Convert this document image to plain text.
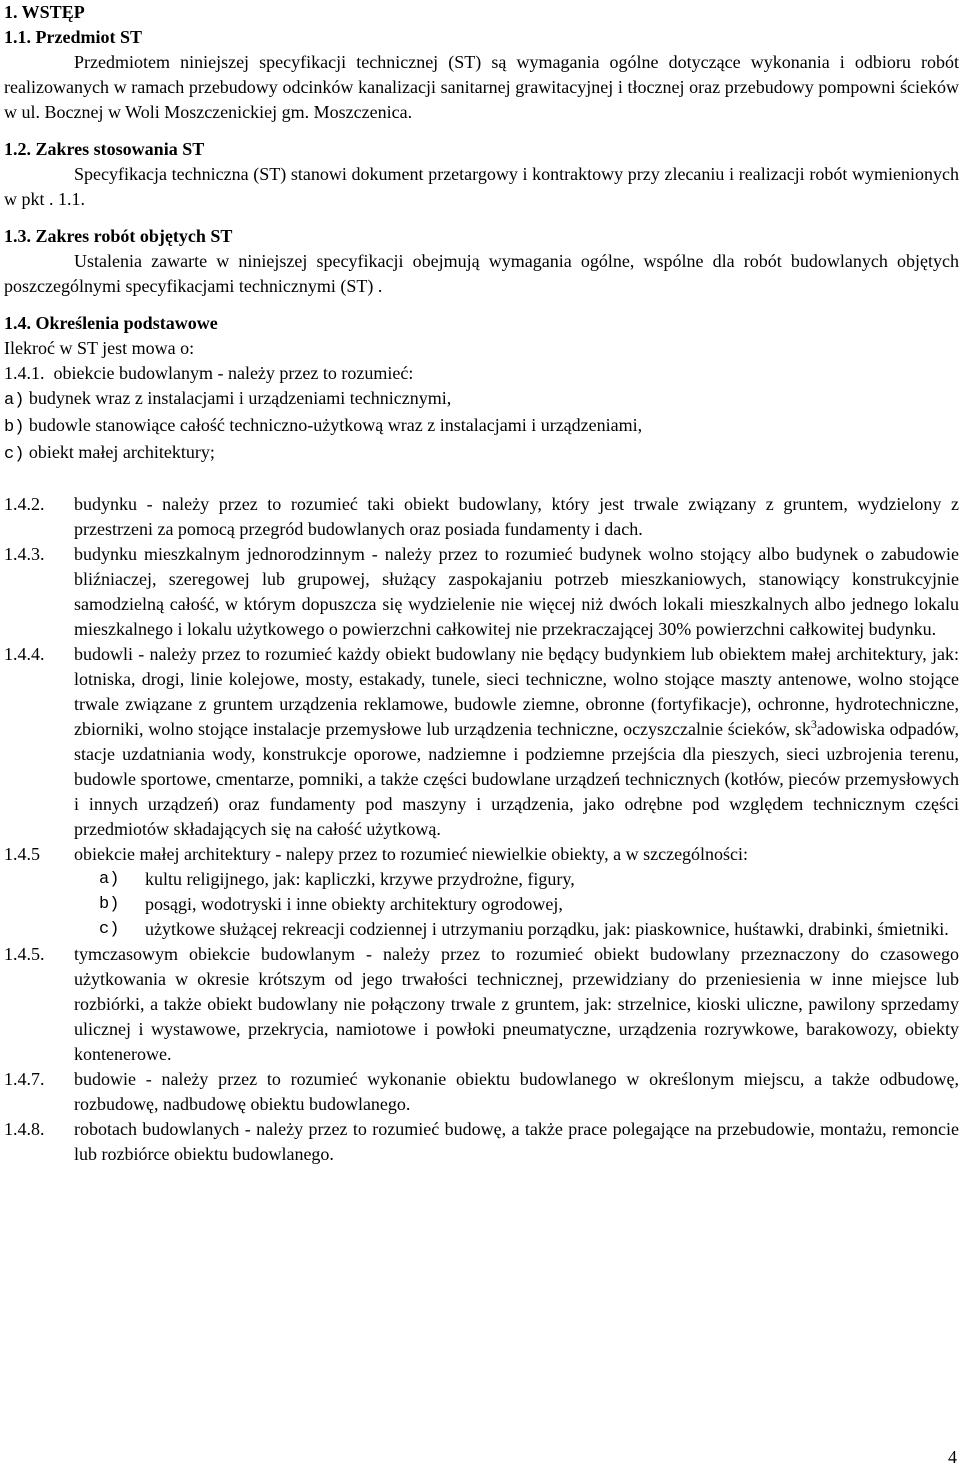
1. WSTĘP

1.1. Przedmiot ST

Przedmiotem niniejszej specyfikacji technicznej (ST) są wymagania ogólne dotyczące wykonania i odbioru robót realizowanych w ramach przebudowy odcinków kanalizacji sanitarnej grawitacyjnej i tłocznej oraz przebudowy pompowni ścieków w ul. Bocznej w Woli Moszczenickiej gm. Moszczenica.

1.2. Zakres stosowania ST

Specyfikacja techniczna (ST) stanowi dokument przetargowy i kontraktowy przy zlecaniu i realizacji robót wymienionych w pkt . 1.1.

1.3. Zakres robót objętych ST

Ustalenia zawarte w niniejszej specyfikacji obejmują wymagania ogólne, wspólne dla robót budowlanych objętych poszczególnymi specyfikacjami technicznymi (ST) .

1.4. Określenia podstawowe

Ilekroć w ST jest mowa o:

1.4.1. obiekcie budowlanym - należy przez to rozumieć:

a) budynek wraz z instalacjami i urządzeniami technicznymi,

b) budowle stanowiące całość techniczno-użytkową wraz z instalacjami i urządzeniami,

c) obiekt małej architektury;

1.4.2. budynku - należy przez to rozumieć taki obiekt budowlany, który jest trwale związany z gruntem, wydzielony z przestrzeni za pomocą przegród budowlanych oraz posiada fundamenty i dach.
1.4.3. budynku mieszkalnym jednorodzinnym - należy przez to rozumieć budynek wolno stojący albo budynek o zabudowie bliźniaczej, szeregowej lub grupowej, służący zaspokajaniu potrzeb mieszkaniowych, stanowiący konstrukcyjnie samodzielną całość, w którym dopuszcza się wydzielenie nie więcej niż dwóch lokali mieszkalnych albo jednego lokalu mieszkalnego i lokalu użytkowego o powierzchni całkowitej nie przekraczającej 30% powierzchni całkowitej budynku.
1.4.4. budowli - należy przez to rozumieć każdy obiekt budowlany nie będący budynkiem lub obiektem małej architektury, jak: lotniska, drogi, linie kolejowe, mosty, estakady, tunele, sieci techniczne, wolno stojące maszty antenowe, wolno stojące trwale związane z gruntem urządzenia reklamowe, budowle ziemne, obronne (fortyfikacje), ochronne, hydrotechniczne, zbiorniki, wolno stojące instalacje przemysłowe lub urządzenia techniczne, oczyszczalnie ścieków, $sk^3adowiska$ odpadów, stacje uzdatniania wody, konstrukcje oporowe, nadziemne i podziemne przejścia dla pieszych, sieci uzbrojenia terenu, budowle sportowe, cmentarze, pomniki, a także części budowlane urządzeń technicznych (kotłów, pieców przemysłowych i innych urządzeń) oraz fundamenty pod maszyny i urządzenia, jako odrębne pod względem technicznym części przedmiotów składających się na całość użytkową.
1.4.5 obiekcie małej architektury - nalepy przez to rozumieć niewielkie obiekty, a w szczególności:
a) kultu religijnego, jak: kapliczki, krzywe przydrożne, figury,
b) posągi, wodotryski i inne obiekty architektury ogrodowej,
c) użytkowe służącej rekreacji codziennej i utrzymaniu porządku, jak: piaskownice, huśtawki, drabinki, śmietniki.
1.4.5. tymczasowym obiekcie budowlanym - należy przez to rozumieć obiekt budowlany przeznaczony do czasowego użytkowania w okresie krótszym od jego trwałości technicznej, przewidziany do przeniesienia w inne miejsce lub rozbiórki, a także obiekt budowlany nie połączony trwale z gruntem, jak: strzelnice, kioski uliczne, pawilony sprzedamy ulicznej i wystawowe, przekrycia, namiotowe i powłoki pneumatyczne, urządzenia rozrywkowe, barakowozy, obiekty kontenerowe.
1.4.7. budowie - należy przez to rozumieć wykonanie obiektu budowlanego w określonym miejscu, a także odbudowę, rozbudowę, nadbudowę obiektu budowlanego.
1.4.8. robotach budowlanych - należy przez to rozumieć budowę, a także prace polegające na przebudowie, montażu, remoncie lub rozbiórce obiektu budowlanego.
4
